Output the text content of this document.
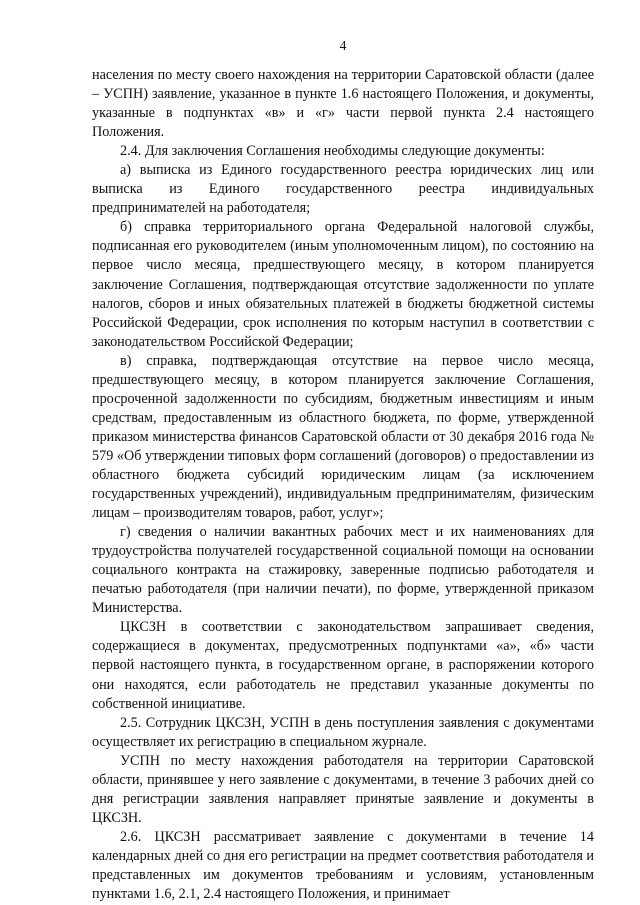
4

населения по месту своего нахождения на территории Саратовской области (далее – УСПН) заявление, указанное в пункте 1.6 настоящего Положения, и документы, указанные в подпунктах «в» и «г» части первой пункта 2.4 настоящего Положения.

2.4. Для заключения Соглашения необходимы следующие документы:

а) выписка из Единого государственного реестра юридических лиц или выписка из Единого государственного реестра индивидуальных предпринимателей на работодателя;

б) справка территориального органа Федеральной налоговой службы, подписанная его руководителем (иным уполномоченным лицом), по состоянию на первое число месяца, предшествующего месяцу, в котором планируется заключение Соглашения, подтверждающая отсутствие задолженности по уплате налогов, сборов и иных обязательных платежей в бюджеты бюджетной системы Российской Федерации, срок исполнения по которым наступил в соответствии с законодательством Российской Федерации;

в) справка, подтверждающая отсутствие на первое число месяца, предшествующего месяцу, в котором планируется заключение Соглашения, просроченной задолженности по субсидиям, бюджетным инвестициям и иным средствам, предоставленным из областного бюджета, по форме, утвержденной приказом министерства финансов Саратовской области от 30 декабря 2016 года № 579 «Об утверждении типовых форм соглашений (договоров) о предоставлении из областного бюджета субсидий юридическим лицам (за исключением государственных учреждений), индивидуальным предпринимателям, физическим лицам – производителям товаров, работ, услуг»;

г) сведения о наличии вакантных рабочих мест и их наименованиях для трудоустройства получателей государственной социальной помощи на основании социального контракта на стажировку, заверенные подписью работодателя и печатью работодателя (при наличии печати), по форме, утвержденной приказом Министерства.

ЦКСЗН в соответствии с законодательством запрашивает сведения, содержащиеся в документах, предусмотренных подпунктами «а», «б» части первой настоящего пункта, в государственном органе, в распоряжении которого они находятся, если работодатель не представил указанные документы по собственной инициативе.

2.5. Сотрудник ЦКСЗН, УСПН в день поступления заявления с документами осуществляет их регистрацию в специальном журнале.

УСПН по месту нахождения работодателя на территории Саратовской области, принявшее у него заявление с документами, в течение 3 рабочих дней со дня регистрации заявления направляет принятые заявление и документы в ЦКСЗН.

2.6. ЦКСЗН рассматривает заявление с документами в течение 14 календарных дней со дня его регистрации на предмет соответствия работодателя и представленных им документов требованиям и условиям, установленным пунктами 1.6, 2.1, 2.4 настоящего Положения, и принимает
